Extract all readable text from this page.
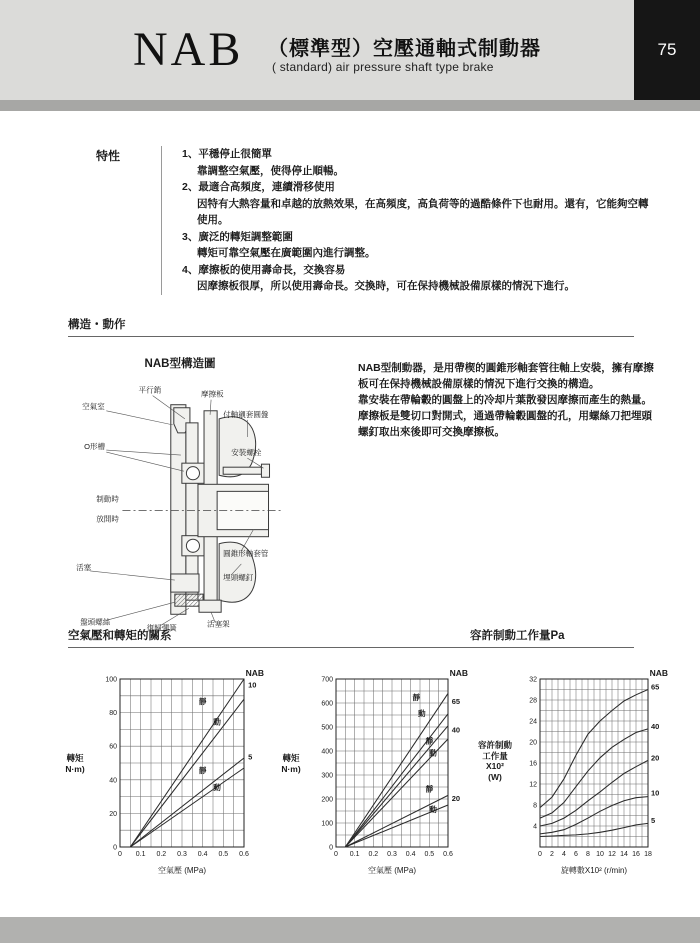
NAB （標準型）空壓通軸式制動器
( standard) air pressure shaft type brake
75
特性	1、平穩停止很簡單
靠調整空氣壓，使得停止順暢。
2、最適合高頻度，連續滑移使用
因特有大熱容量和卓越的放熱效果，在高頻度，高負荷等的過酷條件下也耐用。還有，它能夠空轉使用。
3、廣泛的轉矩調整範圍
轉矩可靠空氣壓在廣範圍內進行調整。
4、摩擦板的使用壽命長，交換容易
因摩擦板很厚，所以使用壽命長。交換時，可在保持機械設備原樣的情況下進行。
構造・動作
NAB型構造圖
平行銷	摩擦板
空氣室
付軸襯套圓盤
O形槽
安裝螺栓
制動時
放開時
圓錐形軸套管
活塞
埋頭螺釘
盤頭螺絲
復歸彈簧	活塞架

NAB型制動器，是用帶楔的圓錐形軸套管往軸上安裝，擁有摩擦板可在保持機械設備原樣的情況下進行交換的構造。

靠安裝在帶輪轂的圓盤上的冷却片葉散發因摩擦而產生的熱量。

摩擦板是雙切口對開式，通過帶輪轂圓盤的孔，用螺絲刀把埋頭螺釘取出來後即可交換摩擦板。

空氣壓和轉矩的關系	容許制動工作量Pa
轉矩
N·m)
0 0.1 0.2 0.3 0.4 0.5 0.6
0
20
40
60
80
100
靜
動
靜
動
10
5
NAB
空氣壓 (MPa)
轉矩
N·m)
0 0.1 0.2 0.3 0.4 0.5 0.6
0
100
200
300
400
500
600
700
靜
動
靜
動
靜
動
65
40
20
NAB
空氣壓 (MPa)
容許制動
工作量
X10²
(W)
0 2 4 6 8 10 12 14 16 18
4
8
12
16
20
24
28
32
65
40
20
10
5
NAB
旋轉數X10² (r/min)
